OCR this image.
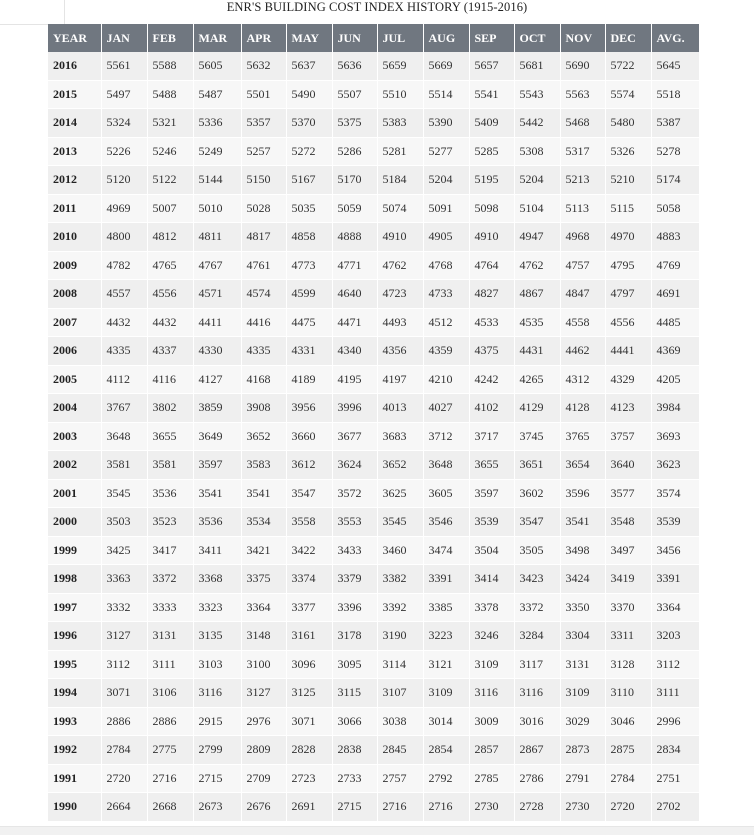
ENR'S BUILDING COST INDEX HISTORY (1915-2016)
YEAR	JAN	FEB	MAR	APR	MAY	JUN	JUL	AUG	SEP	OCT	NOV	DEC	AVG.
2016	5561	5588	5605	5632	5637	5636	5659	5669	5657	5681	5690	5722	5645
2015	5497	5488	5487	5501	5490	5507	5510	5514	5541	5543	5563	5574	5518
2014	5324	5321	5336	5357	5370	5375	5383	5390	5409	5442	5468	5480	5387
2013	5226	5246	5249	5257	5272	5286	5281	5277	5285	5308	5317	5326	5278
2012	5120	5122	5144	5150	5167	5170	5184	5204	5195	5204	5213	5210	5174
2011	4969	5007	5010	5028	5035	5059	5074	5091	5098	5104	5113	5115	5058
2010	4800	4812	4811	4817	4858	4888	4910	4905	4910	4947	4968	4970	4883
2009	4782	4765	4767	4761	4773	4771	4762	4768	4764	4762	4757	4795	4769
2008	4557	4556	4571	4574	4599	4640	4723	4733	4827	4867	4847	4797	4691
2007	4432	4432	4411	4416	4475	4471	4493	4512	4533	4535	4558	4556	4485
2006	4335	4337	4330	4335	4331	4340	4356	4359	4375	4431	4462	4441	4369
2005	4112	4116	4127	4168	4189	4195	4197	4210	4242	4265	4312	4329	4205
2004	3767	3802	3859	3908	3956	3996	4013	4027	4102	4129	4128	4123	3984
2003	3648	3655	3649	3652	3660	3677	3683	3712	3717	3745	3765	3757	3693
2002	3581	3581	3597	3583	3612	3624	3652	3648	3655	3651	3654	3640	3623
2001	3545	3536	3541	3541	3547	3572	3625	3605	3597	3602	3596	3577	3574
2000	3503	3523	3536	3534	3558	3553	3545	3546	3539	3547	3541	3548	3539
1999	3425	3417	3411	3421	3422	3433	3460	3474	3504	3505	3498	3497	3456
1998	3363	3372	3368	3375	3374	3379	3382	3391	3414	3423	3424	3419	3391
1997	3332	3333	3323	3364	3377	3396	3392	3385	3378	3372	3350	3370	3364
1996	3127	3131	3135	3148	3161	3178	3190	3223	3246	3284	3304	3311	3203
1995	3112	3111	3103	3100	3096	3095	3114	3121	3109	3117	3131	3128	3112
1994	3071	3106	3116	3127	3125	3115	3107	3109	3116	3116	3109	3110	3111
1993	2886	2886	2915	2976	3071	3066	3038	3014	3009	3016	3029	3046	2996
1992	2784	2775	2799	2809	2828	2838	2845	2854	2857	2867	2873	2875	2834
1991	2720	2716	2715	2709	2723	2733	2757	2792	2785	2786	2791	2784	2751
1990	2664	2668	2673	2676	2691	2715	2716	2716	2730	2728	2730	2720	2702
